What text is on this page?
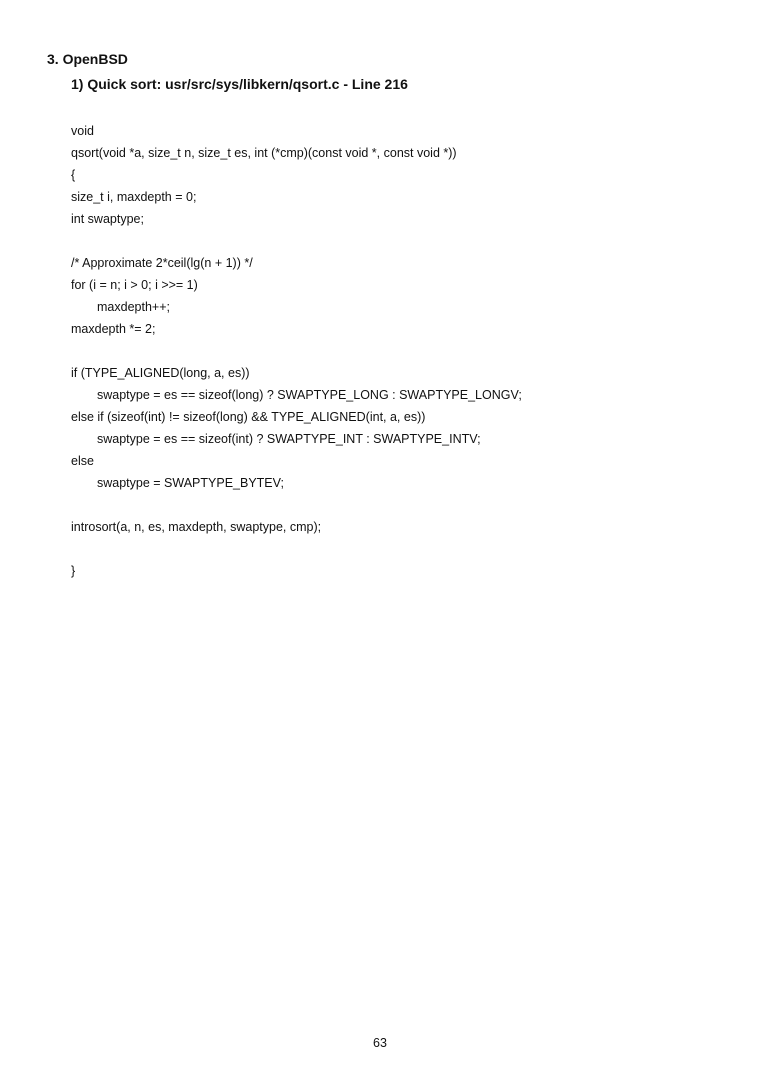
3. OpenBSD
1) Quick sort: usr/src/sys/libkern/qsort.c - Line 216
void
qsort(void *a, size_t n, size_t es, int (*cmp)(const void *, const void *))
{
size_t i, maxdepth = 0;
int swaptype;
/* Approximate 2*ceil(lg(n + 1)) */
for (i = n; i > 0; i >>= 1)
maxdepth++;
maxdepth *= 2;
if (TYPE_ALIGNED(long, a, es))
swaptype = es == sizeof(long) ? SWAPTYPE_LONG : SWAPTYPE_LONGV;
else if (sizeof(int) != sizeof(long) && TYPE_ALIGNED(int, a, es))
swaptype = es == sizeof(int) ? SWAPTYPE_INT : SWAPTYPE_INTV;
else
swaptype = SWAPTYPE_BYTEV;
introsort(a, n, es, maxdepth, swaptype, cmp);
}
63
